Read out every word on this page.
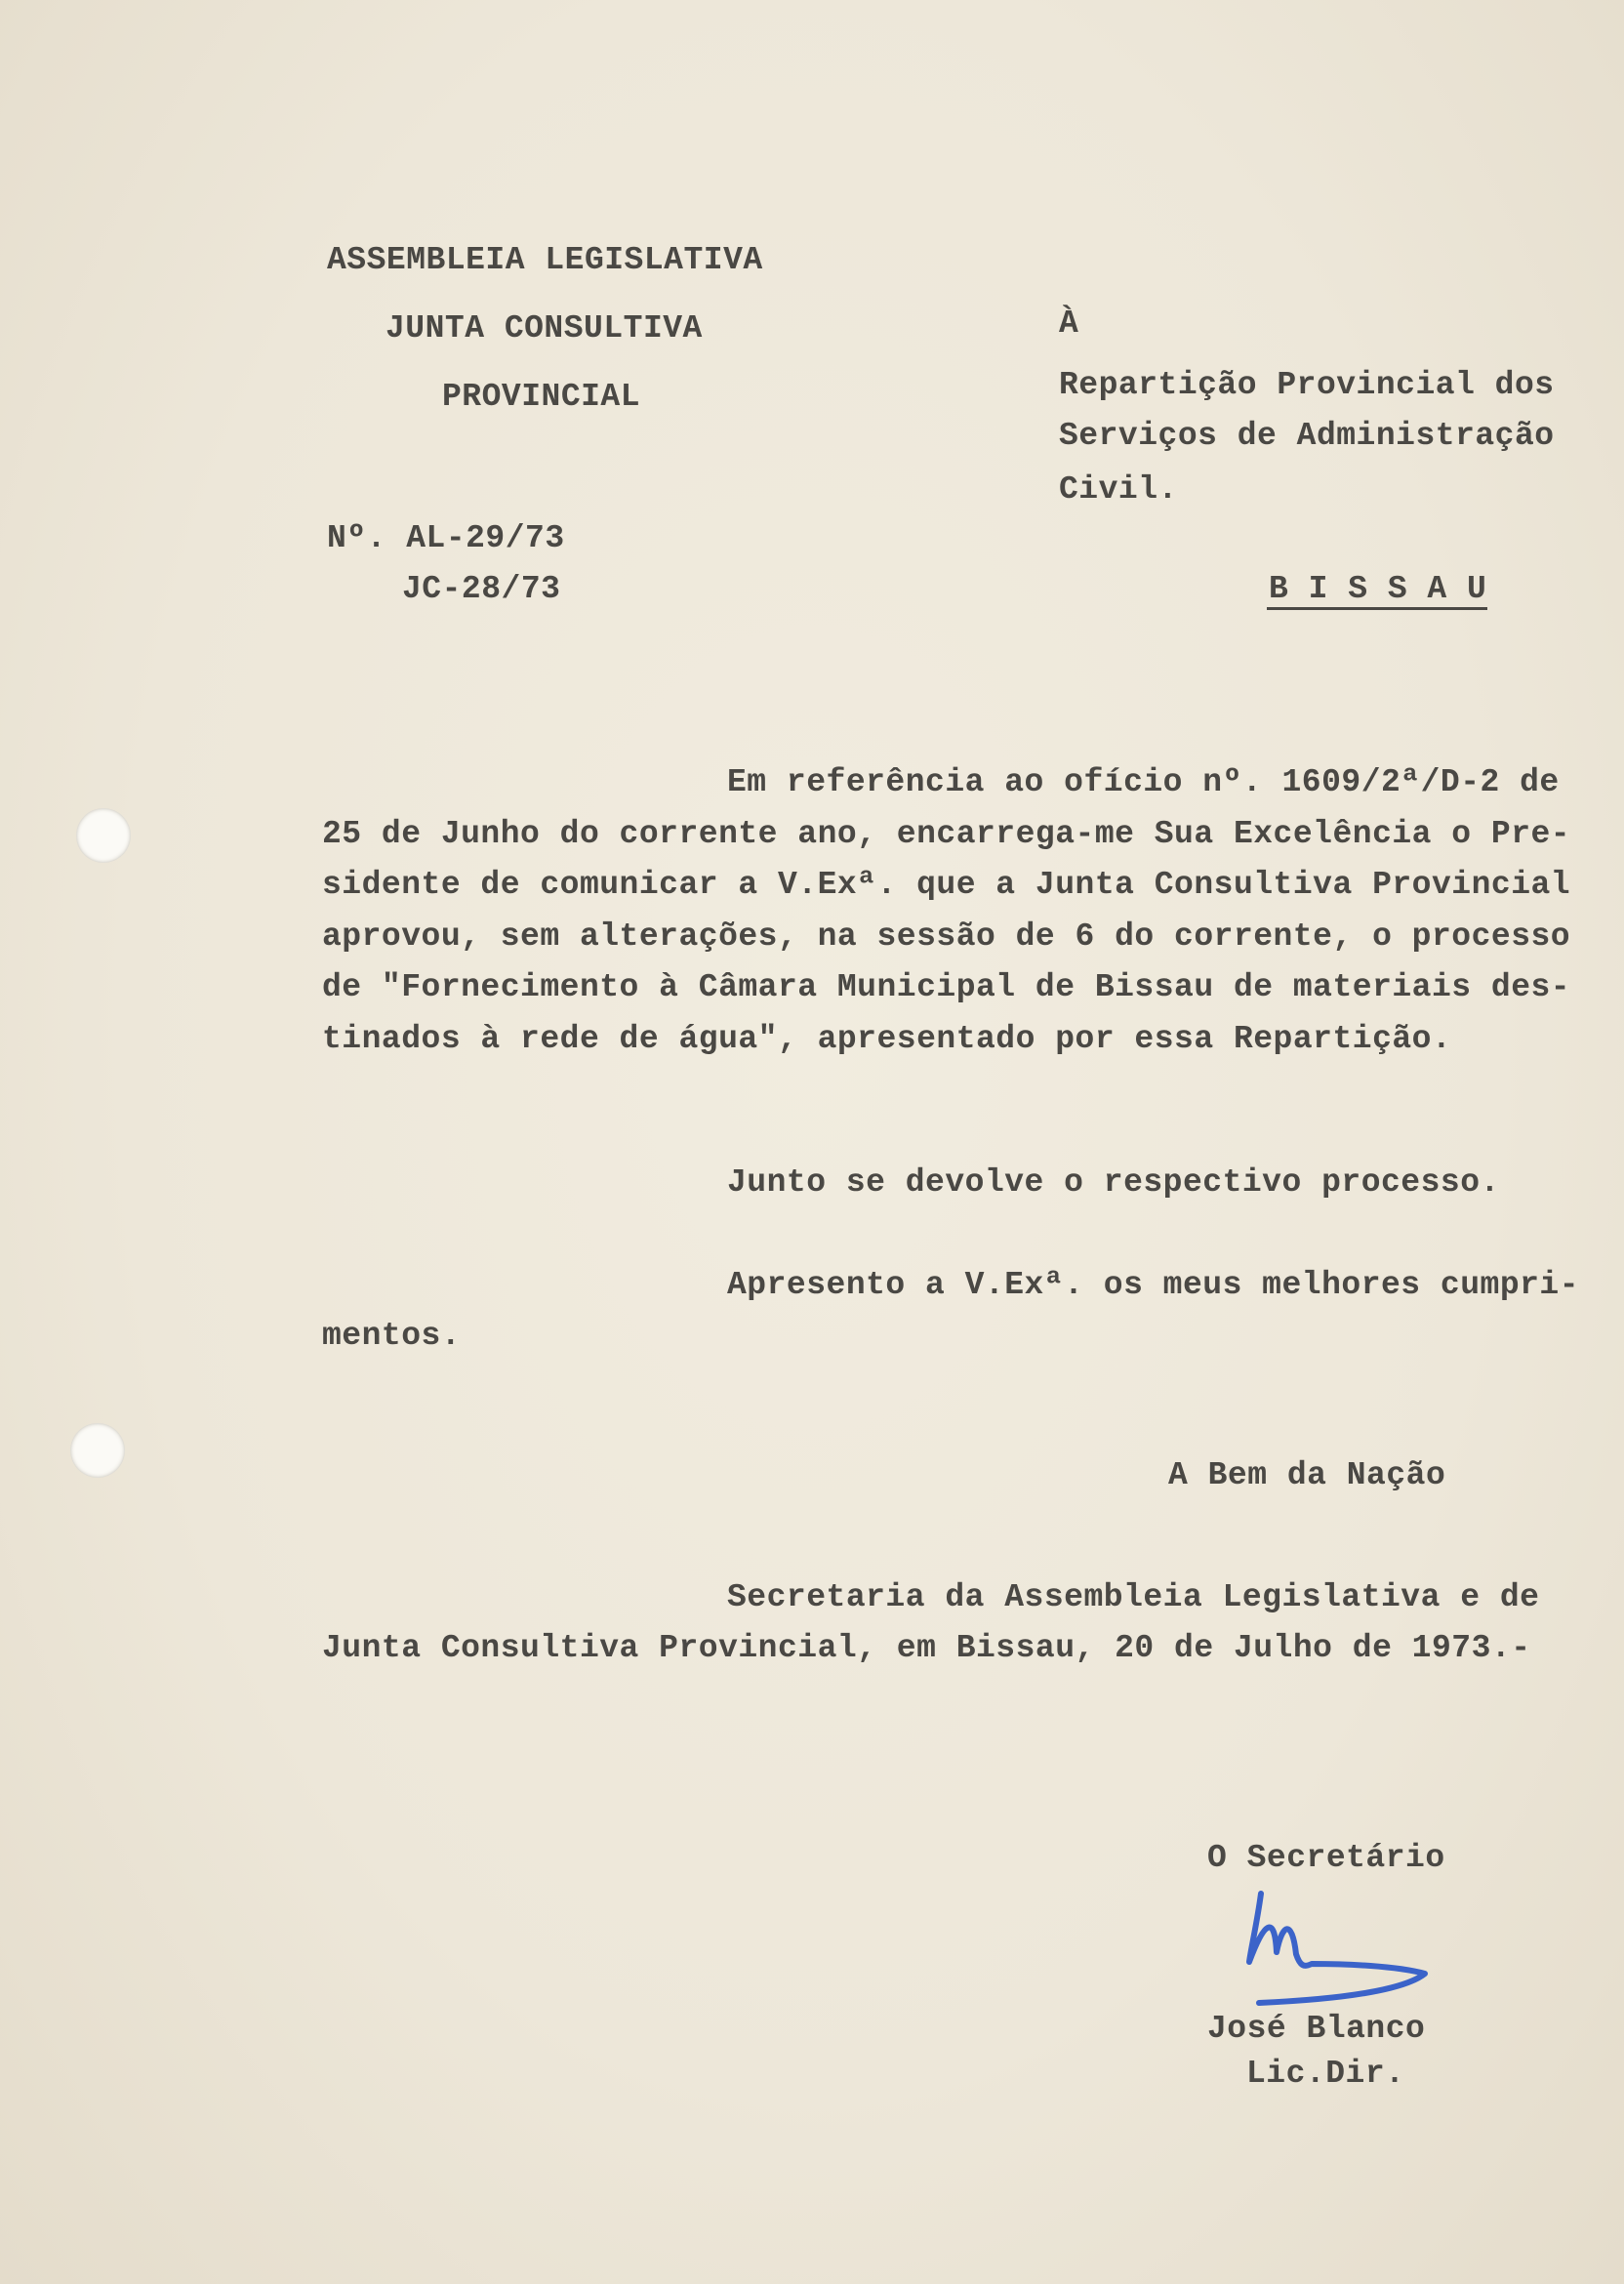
ASSEMBLEIA LEGISLATIVA
JUNTA CONSULTIVA
PROVINCIAL
Nº. AL-29/73
JC-28/73
À
Repartição Provincial dos
Serviços de Administração
Civil.
B I S S A U
Em referência ao ofício nº. 1609/2ª/D-2 de
25 de Junho do corrente ano, encarrega-me Sua Excelência o Pre-
sidente de comunicar a V.Exª. que a Junta Consultiva Provincial
aprovou, sem alterações, na sessão de 6 do corrente, o processo
de "Fornecimento à Câmara Municipal de Bissau de materiais des-
tinados à rede de água", apresentado por essa Repartição.
Junto se devolve o respectivo processo.
Apresento a V.Exª. os meus melhores cumpri-
mentos.
A Bem da Nação
Secretaria da Assembleia Legislativa e de
Junta Consultiva Provincial, em Bissau, 20 de Julho de 1973.-
O Secretário
José Blanco
Lic.Dir.
